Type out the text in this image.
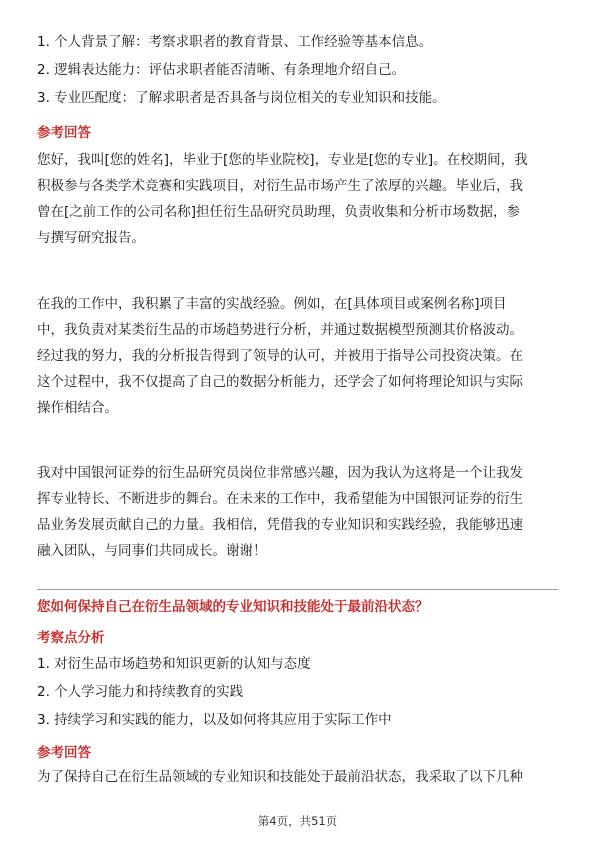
1. 个人背景了解：考察求职者的教育背景、工作经验等基本信息。
2. 逻辑表达能力：评估求职者能否清晰、有条理地介绍自己。
3. 专业匹配度：了解求职者是否具备与岗位相关的专业知识和技能。
参考回答
您好，我叫[您的姓名]，毕业于[您的毕业院校]，专业是[您的专业]。在校期间，我
积极参与各类学术竞赛和实践项目，对衍生品市场产生了浓厚的兴趣。毕业后，我
曾在[之前工作的公司名称]担任衍生品研究员助理，负责收集和分析市场数据，参
与撰写研究报告。
在我的工作中，我积累了丰富的实战经验。例如，在[具体项目或案例名称]项目
中，我负责对某类衍生品的市场趋势进行分析，并通过数据模型预测其价格波动。
经过我的努力，我的分析报告得到了领导的认可，并被用于指导公司投资决策。在
这个过程中，我不仅提高了自己的数据分析能力，还学会了如何将理论知识与实际
操作相结合。
我对中国银河证券的衍生品研究员岗位非常感兴趣，因为我认为这将是一个让我发
挥专业特长、不断进步的舞台。在未来的工作中，我希望能为中国银河证券的衍生
品业务发展贡献自己的力量。我相信，凭借我的专业知识和实践经验，我能够迅速
融入团队，与同事们共同成长。谢谢！
您如何保持自己在衍生品领域的专业知识和技能处于最前沿状态？
考察点分析
1. 对衍生品市场趋势和知识更新的认知与态度
2. 个人学习能力和持续教育的实践
3. 持续学习和实践的能力，以及如何将其应用于实际工作中
参考回答
为了保持自己在衍生品领域的专业知识和技能处于最前沿状态，我采取了以下几种
第4页，共51页
